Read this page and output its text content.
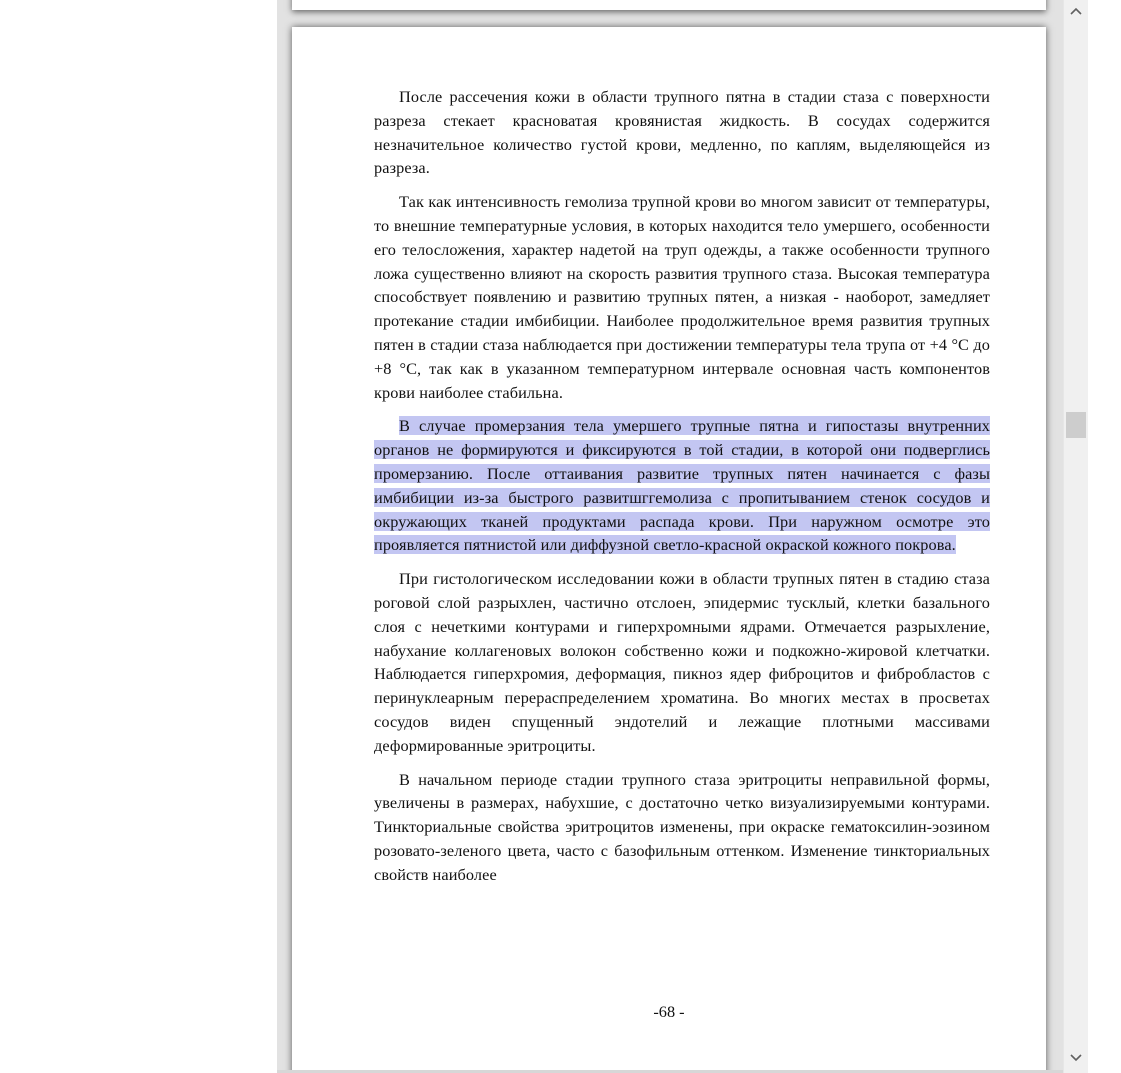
После рассечения кожи в области трупного пятна в стадии стаза с поверхности разреза стекает красноватая кровянистая жидкость. В сосудах содержится незначительное количество густой крови, медленно, по каплям, выделяющейся из разреза.

Так как интенсивность гемолиза трупной крови во многом зависит от температуры, то внешние температурные условия, в которых находится тело умершего, особенности его телосложения, характер надетой на труп одежды, а также особенности трупного ложа существенно влияют на скорость развития трупного стаза. Высокая температура способствует появлению и развитию трупных пятен, а низкая - наоборот, замедляет протекание стадии имбибиции. Наиболее продолжительное время развития трупных пятен в стадии стаза наблюдается при достижении температуры тела трупа от +4 °С до +8 °С, так как в указанном температурном интервале основная часть компонентов крови наиболее стабильна.

В случае промерзания тела умершего трупные пятна и гипостазы внутренних органов не формируются и фиксируются в той стадии, в которой они подверглись промерзанию. После оттаивания развитие трупных пятен начинается с фазы имбибиции из-за быстрого развитшггемолиза с пропитыванием стенок сосудов и окружающих тканей продуктами распада крови. При наружном осмотре это проявляется пятнистой или диффузной светло-красной окраской кожного покрова.

При гистологическом исследовании кожи в области трупных пятен в стадию стаза роговой слой разрыхлен, частично отслоен, эпидермис тусклый, клетки базального слоя с нечеткими контурами и гиперхромными ядрами. Отмечается разрыхление, набухание коллагеновых волокон собственно кожи и подкожно-жировой клетчатки. Наблюдается гиперхромия, деформация, пикноз ядер фиброцитов и фибробластов с перинуклеарным перераспределением хроматина. Во многих местах в просветах сосудов виден спущенный эндотелий и лежащие плотными массивами деформированные эритроциты.

В начальном периоде стадии трупного стаза эритроциты неправильной формы, увеличены в размерах, набухшие, с достаточно четко визуализируемыми контурами. Тинкториальные свойства эритроцитов изменены, при окраске гематоксилин-эозином розовато-зеленого цвета, часто с базофильным оттенком. Изменение тинкториальных свойств наиболее

-68 -
